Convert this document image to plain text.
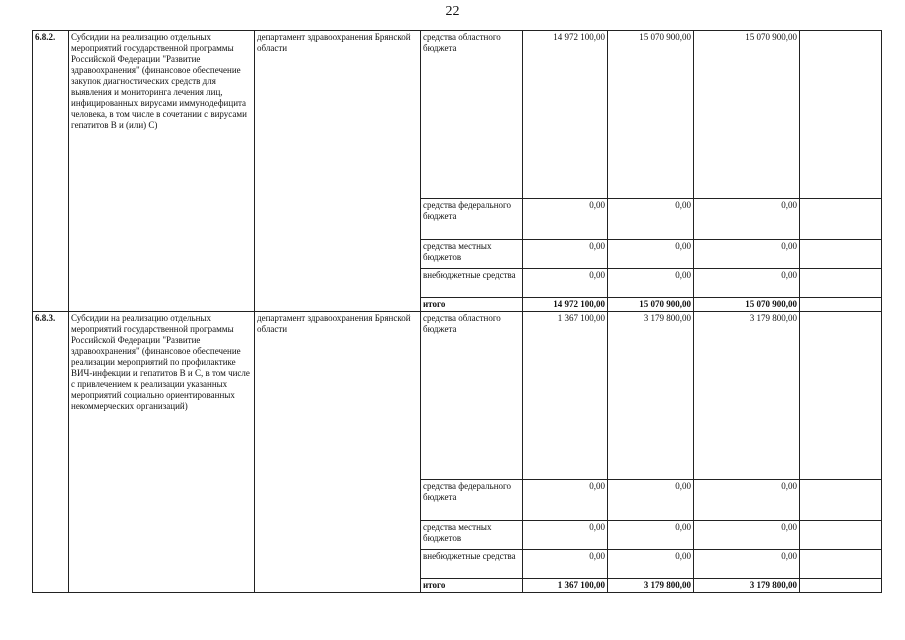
22
6.8.2.	Субсидии на реализацию отдельных мероприятий государственной программы Российской Федерации "Развитие здравоохранения" (финансовое обеспечение закупок диагностических средств для выявления и мониторинга лечения лиц, инфицированных вирусами иммунодефицита человека, в том числе в сочетании с вирусами гепатитов В и (или) С)	департамент здравоохранения Брянской области	средства областного бюджета	14 972 100,00	15 070 900,00	15 070 900,00	
			средства федерального бюджета	0,00	0,00	0,00	
			средства местных бюджетов	0,00	0,00	0,00	
			внебюджетные средства	0,00	0,00	0,00	
			итого	14 972 100,00	15 070 900,00	15 070 900,00	
6.8.3.	Субсидии на реализацию отдельных мероприятий государственной программы Российской Федерации "Развитие здравоохранения" (финансовое обеспечение реализации мероприятий по профилактике ВИЧ-инфекции и гепатитов В и С, в том числе с привлечением к реализации указанных мероприятий социально ориентированных некоммерческих организаций)	департамент здравоохранения Брянской области	средства областного бюджета	1 367 100,00	3 179 800,00	3 179 800,00	
			средства федерального бюджета	0,00	0,00	0,00	
			средства местных бюджетов	0,00	0,00	0,00	
			внебюджетные средства	0,00	0,00	0,00	
			итого	1 367 100,00	3 179 800,00	3 179 800,00	
